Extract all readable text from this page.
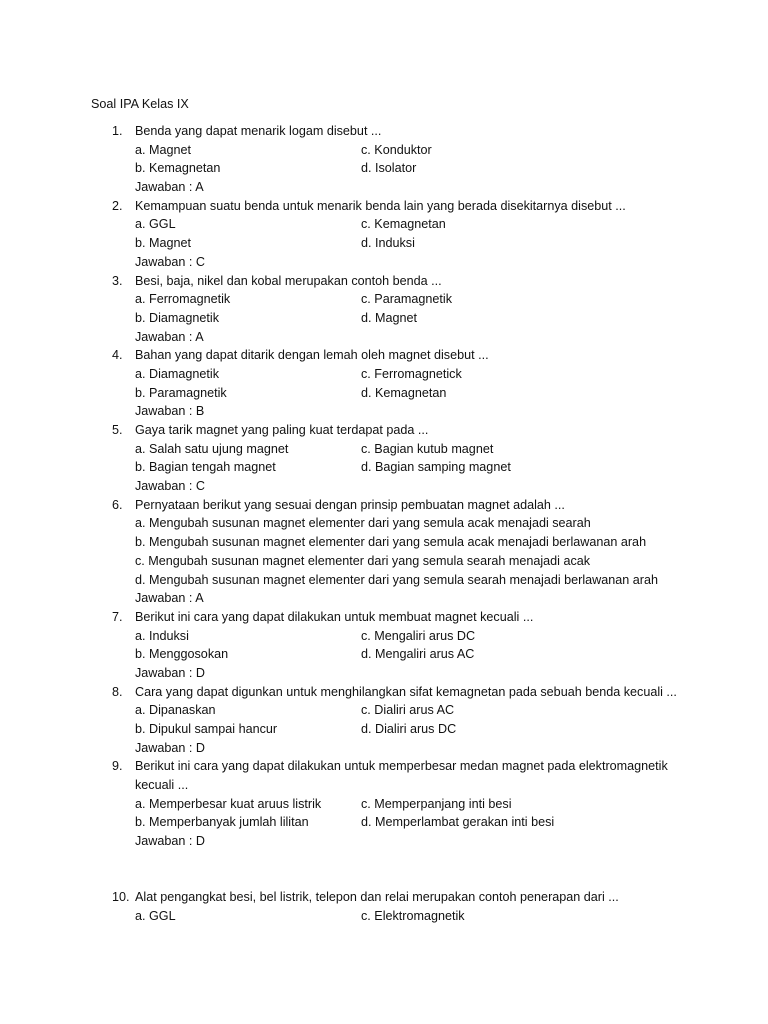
Soal IPA Kelas IX
1. Benda yang dapat menarik logam disebut ...
a. Magnet	c. Konduktor
b. Kemagnetan	d. Isolator
Jawaban : A
2. Kemampuan suatu benda untuk menarik benda lain yang berada disekitarnya disebut ...
a. GGL	c. Kemagnetan
b. Magnet	d. Induksi
Jawaban : C
3. Besi, baja, nikel dan kobal merupakan contoh benda ...
a. Ferromagnetik	c. Paramagnetik
b. Diamagnetik	d. Magnet
Jawaban : A
4. Bahan yang dapat ditarik dengan lemah oleh magnet disebut ...
a. Diamagnetik	c. Ferromagnetick
b. Paramagnetik	d. Kemagnetan
Jawaban : B
5. Gaya tarik magnet yang paling kuat terdapat pada ...
a. Salah satu ujung magnet	c. Bagian kutub magnet
b. Bagian tengah magnet	d. Bagian samping magnet
Jawaban : C
6. Pernyataan berikut yang sesuai dengan prinsip pembuatan magnet adalah ...
a. Mengubah susunan magnet elementer dari yang semula acak menajadi searah
b. Mengubah susunan magnet elementer dari yang semula acak menajadi berlawanan arah
c. Mengubah susunan magnet elementer dari yang semula searah menajadi acak
d. Mengubah susunan magnet elementer dari yang semula searah menajadi berlawanan arah
Jawaban : A
7. Berikut ini cara yang dapat dilakukan untuk membuat magnet kecuali ...
a. Induksi	c. Mengaliri arus DC
b. Menggosokan	d. Mengaliri arus AC
Jawaban : D
8. Cara yang dapat digunkan untuk menghilangkan sifat kemagnetan pada sebuah benda kecuali ...
a. Dipanaskan	c. Dialiri arus AC
b. Dipukul sampai hancur	d. Dialiri arus DC
Jawaban : D
9. Berikut ini cara yang dapat dilakukan untuk memperbesar medan magnet pada elektromagnetik
kecuali ...
a. Memperbesar kuat aruus listrik	c. Memperpanjang inti besi
b. Memperbanyak jumlah lilitan	d. Memperlambat gerakan inti besi
Jawaban : D
10. Alat pengangkat besi, bel listrik, telepon dan relai merupakan contoh penerapan dari ...
a. GGL	c. Elektromagnetik
